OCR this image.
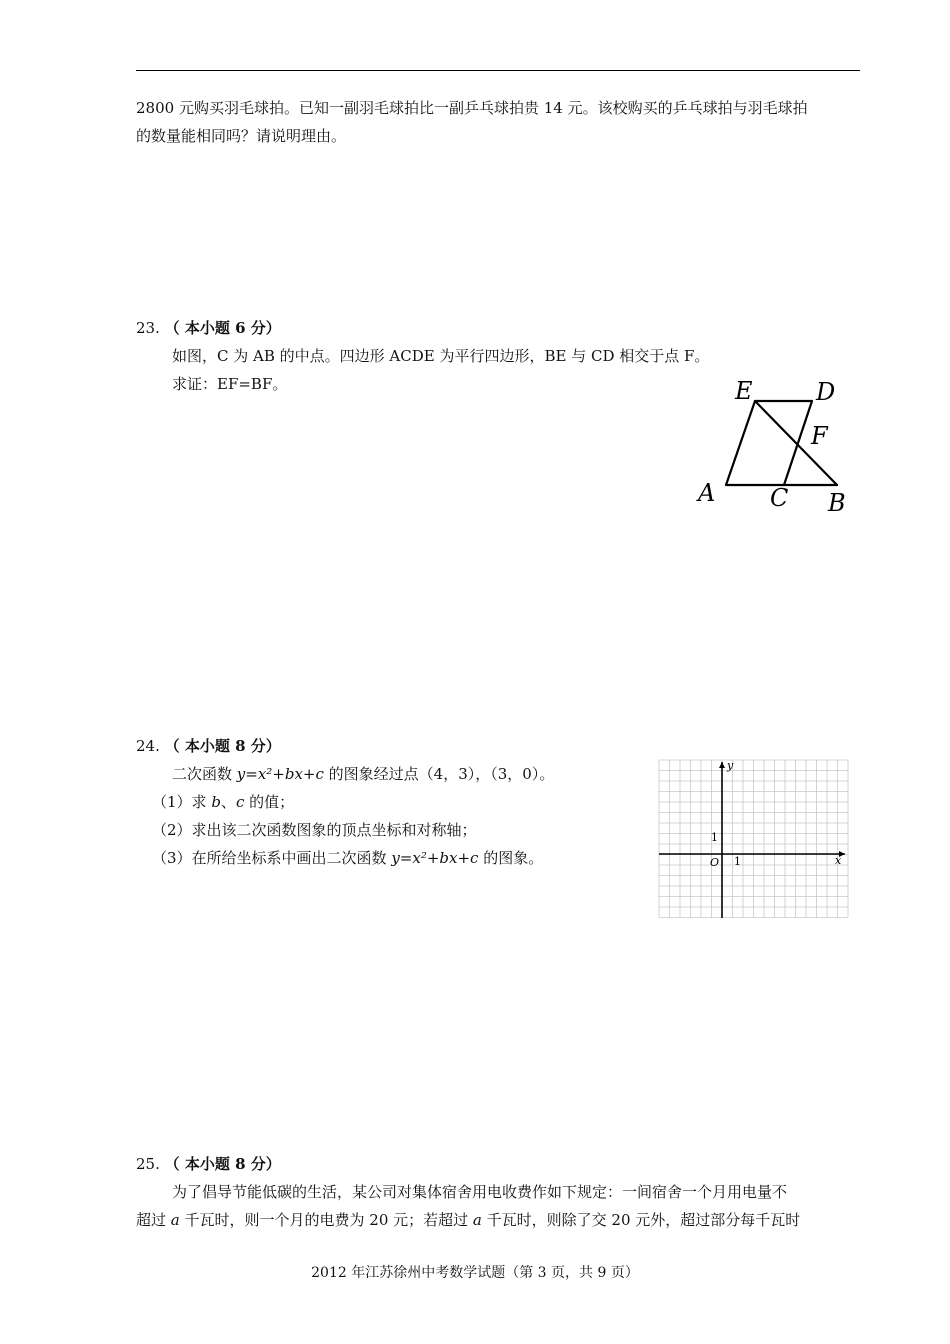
2800 元购买羽毛球拍。已知一副羽毛球拍比一副乒乓球拍贵 14 元。该校购买的乒乓球拍与羽毛球拍
的数量能相同吗？请说明理由。
23. （ 本小题 6 分）
如图，C 为 AB 的中点。四边形 ACDE 为平行四边形，BE 与 CD 相交于点 F。
求证：EF=BF。	E	D
F
A C B
24. （ 本小题 8 分）
二次函数 y=x²+bx+c 的图象经过点（4，3），（3，0）。
（1）求 b、c 的值；
（2）求出该二次函数图象的顶点坐标和对称轴；
（3）在所给坐标系中画出二次函数 y=x²+bx+c 的图象。
y
x
O 1
1
25. （ 本小题 8 分）
为了倡导节能低碳的生活，某公司对集体宿舍用电收费作如下规定：一间宿舍一个月用电量不
超过 a 千瓦时，则一个月的电费为 20 元；若超过 a 千瓦时，则除了交 20 元外，超过部分每千瓦时
2012 年江苏徐州中考数学试题（第 3 页，共 9 页）
